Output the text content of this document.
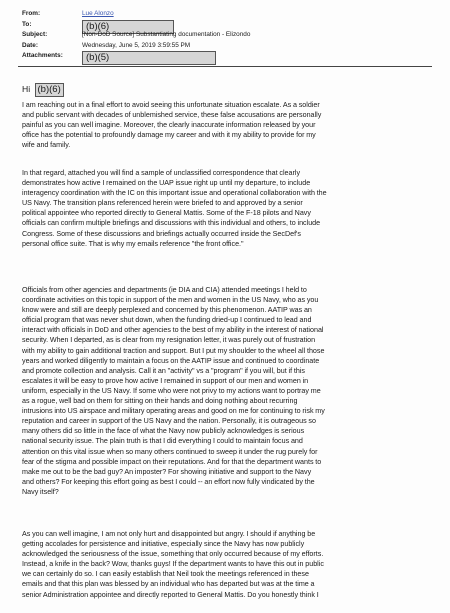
From:	Lue Alonzo
To:	(b)(6)
Subject:	[Non-DoD Source] Substantiating documentation - Elizondo
Date:	Wednesday, June 5, 2019 3:59:55 PM
Attachments:	(b)(5)
Hi (b)(6)
I am reaching out in a final effort to avoid seeing this unfortunate situation escalate. As a soldier
and public servant with decades of unblemished service, these false accusations are personally
painful as you can well imagine. Moreover, the clearly inaccurate information released by your
office has the potential to profoundly damage my career and with it my ability to provide for my
wife and family.
In that regard, attached you will find a sample of unclassified correspondence that clearly
demonstrates how active I remained on the UAP issue right up until my departure, to include
interagency coordination with the IC on this important issue and operational collaboration with the
US Navy. The transition plans referenced herein were briefed to and approved by a senior
political appointee who reported directly to General Mattis. Some of the F-18 pilots and Navy
officials can confirm multiple briefings and discussions with this individual and others, to include
Congress. Some of these discussions and briefings actually occurred inside the SecDef's
personal office suite. That is why my emails reference "the front office."
Officials from other agencies and departments (ie DIA and CIA) attended meetings I held to
coordinate activities on this topic in support of the men and women in the US Navy, who as you
know were and still are deeply perplexed and concerned by this phenomenon. AATIP was an
official program that was never shut down, when the funding dried-up I continued to lead and
interact with officials in DoD and other agencies to the best of my ability in the interest of national
security. When I departed, as is clear from my resignation letter, it was purely out of frustration
with my ability to gain additional traction and support. But I put my shoulder to the wheel all those
years and worked diligently to maintain a focus on the AATIP issue and continued to coordinate
and promote collection and analysis. Call it an "activity" vs a "program" if you will, but if this
escalates it will be easy to prove how active I remained in support of our men and women in
uniform, especially in the US Navy. If some who were not privy to my actions want to portray me
as a rogue, well bad on them for sitting on their hands and doing nothing about recurring
intrusions into US airspace and military operating areas and good on me for continuing to risk my
reputation and career in support of the US Navy and the nation. Personally, it is outrageous so
many others did so little in the face of what the Navy now publicly acknowledges is serious
national security issue. The plain truth is that I did everything I could to maintain focus and
attention on this vital issue when so many others continued to sweep it under the rug purely for
fear of the stigma and possible impact on their reputations. And for that the department wants to
make me out to be the bad guy? An imposter? For showing initiative and support to the Navy
and others? For keeping this effort going as best I could -- an effort now fully vindicated by the
Navy itself?
As you can well imagine, I am not only hurt and disappointed but angry. I should if anything be
getting accolades for persistence and initiative, especially since the Navy has now publicly
acknowledged the seriousness of the issue, something that only occurred because of my efforts.
Instead, a knife in the back? Wow, thanks guys! If the department wants to have this out in public
we can certainly do so. I can easily establish that Neil took the meetings referenced in these
emails and that this plan was blessed by an individual who has departed but was at the time a
senior Administration appointee and directly reported to General Mattis. Do you honestly think I
